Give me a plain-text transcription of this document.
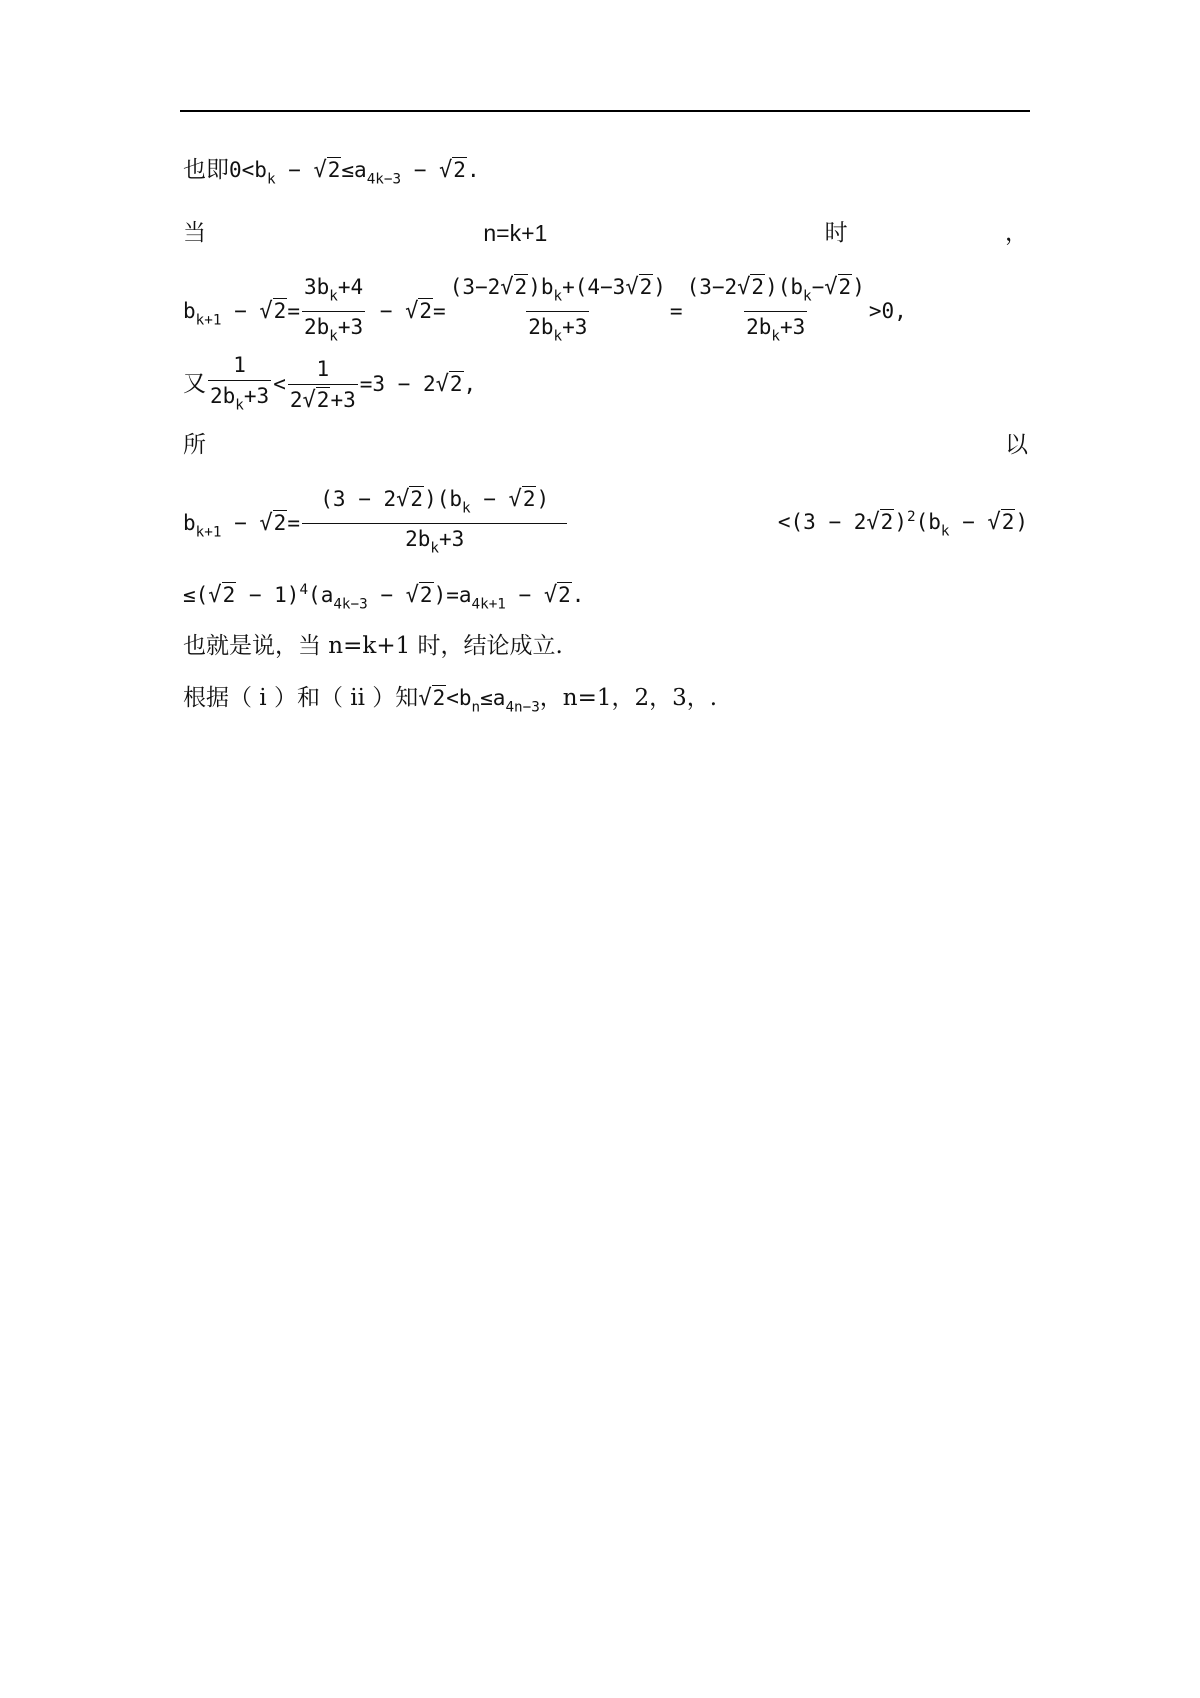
也即$0<b_k - √2\le a_{4k-3} - √2$.
当	n=k+1	时	，
$b_{k+1} - √2= \frac{3b_k+4}{2b_k+3} - √2= \frac{(3-2√2)b_k+(4-3√2)}{2b_k+3} = \frac{(3-2√2)(b_k-√2)}{2b_k+3} >0$,
又 $\frac{1}{2b_k+3} < \frac{1}{2√2+3} =3 - 2√2$,
所	以
$b_{k+1} - √2= \frac{(3 - 2√2)(b_k - √2)}{2b_k+3}$	$<(3 - 2√2)^2(b_k - √2)$
$\le(√2 - 1)^4(a_{4k-3} - √2)=a_{4k+1} - √2$.
也就是说，当 n=k+1 时，结论成立.
根据（ i ）和（ ii ）知$√2<b_n\le a_{4n-3}$，n=1，2，3，.
